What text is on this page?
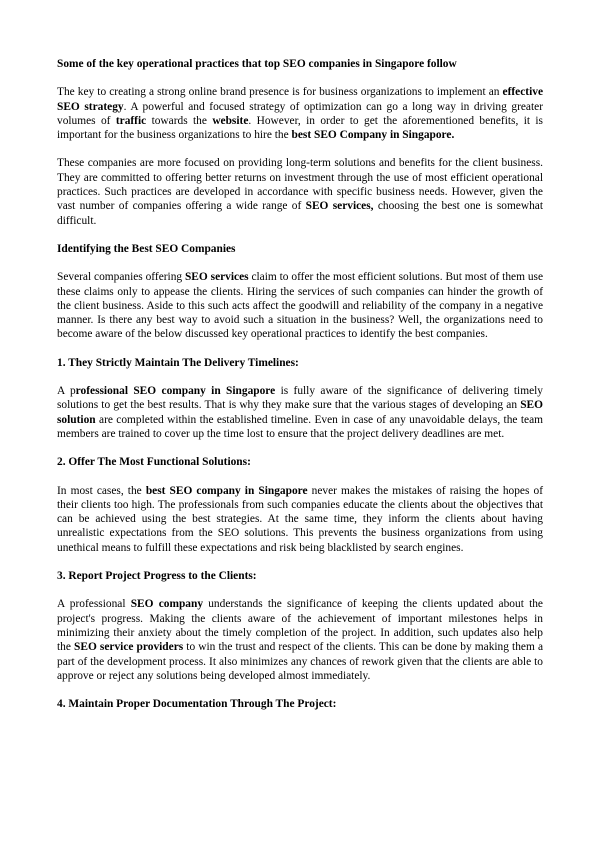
Some of the key operational practices that top SEO companies in Singapore follow

The key to creating a strong online brand presence is for business organizations to implement an effective SEO strategy. A powerful and focused strategy of optimization can go a long way in driving greater volumes of traffic towards the website. However, in order to get the aforementioned benefits, it is important for the business organizations to hire the best SEO Company in Singapore.

These companies are more focused on providing long-term solutions and benefits for the client business. They are committed to offering better returns on investment through the use of most efficient operational practices. Such practices are developed in accordance with specific business needs. However, given the vast number of companies offering a wide range of SEO services, choosing the best one is somewhat difficult.

Identifying the Best SEO Companies

Several companies offering SEO services claim to offer the most efficient solutions. But most of them use these claims only to appease the clients. Hiring the services of such companies can hinder the growth of the client business. Aside to this such acts affect the goodwill and reliability of the company in a negative manner. Is there any best way to avoid such a situation in the business? Well, the organizations need to become aware of the below discussed key operational practices to identify the best companies.

1. They Strictly Maintain The Delivery Timelines:

A professional SEO company in Singapore is fully aware of the significance of delivering timely solutions to get the best results. That is why they make sure that the various stages of developing an SEO solution are completed within the established timeline. Even in case of any unavoidable delays, the team members are trained to cover up the time lost to ensure that the project delivery deadlines are met.

2. Offer The Most Functional Solutions:

In most cases, the best SEO company in Singapore never makes the mistakes of raising the hopes of their clients too high. The professionals from such companies educate the clients about the objectives that can be achieved using the best strategies. At the same time, they inform the clients about having unrealistic expectations from the SEO solutions. This prevents the business organizations from using unethical means to fulfill these expectations and risk being blacklisted by search engines.

3. Report Project Progress to the Clients:

A professional SEO company understands the significance of keeping the clients updated about the project's progress. Making the clients aware of the achievement of important milestones helps in minimizing their anxiety about the timely completion of the project. In addition, such updates also help the SEO service providers to win the trust and respect of the clients. This can be done by making them a part of the development process. It also minimizes any chances of rework given that the clients are able to approve or reject any solutions being developed almost immediately.

4. Maintain Proper Documentation Through The Project:
